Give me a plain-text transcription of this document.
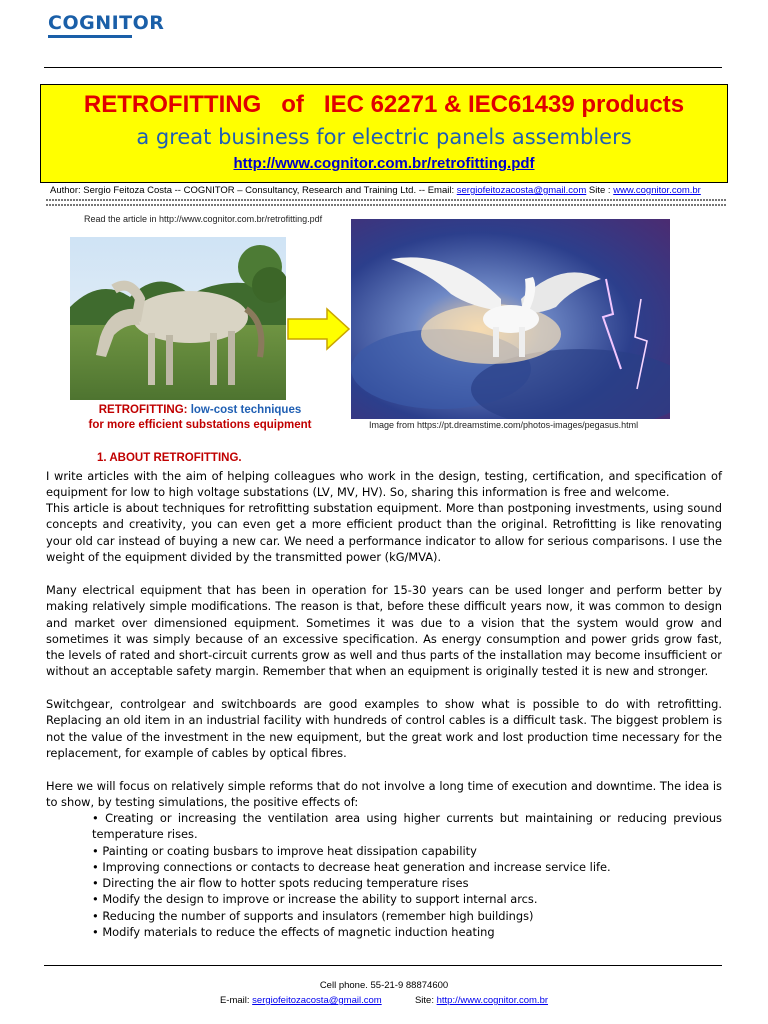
COGNITOR
RETROFITTING   of   IEC 62271 & IEC61439 products
a great business for electric panels assemblers
http://www.cognitor.com.br/retrofitting.pdf
Author: Sergio Feitoza Costa -- COGNITOR – Consultancy, Research and Training Ltd. -- Email: sergiofeitozacosta@gmail.com Site : www.cognitor.com.br
Read the article in http://www.cognitor.com.br/retrofitting.pdf
RETROFITTING: low-cost techniques
for more efficient substations equipment	Image from https://pt.dreamstime.com/photos-images/pegasus.html
1. ABOUT RETROFITTING.
I write articles with the aim of helping colleagues who work in the design, testing, certification, and specification of equipment for low to high voltage substations (LV, MV, HV). So, sharing this information is free and welcome.
This article is about techniques for retrofitting substation equipment. More than postponing investments, using sound concepts and creativity, you can even get a more efficient product than the original. Retrofitting is like renovating your old car instead of buying a new car. We need a performance indicator to allow for serious comparisons. I use the weight of the equipment divided by the transmitted power (kG/MVA).
Many electrical equipment that has been in operation for 15-30 years can be used longer and perform better by making relatively simple modifications. The reason is that, before these difficult years now, it was common to design and market over dimensioned equipment. Sometimes it was due to a vision that the system would grow and sometimes it was simply because of an excessive specification. As energy consumption and power grids grow fast, the levels of rated and short-circuit currents grow as well and thus parts of the installation may become insufficient or without an acceptable safety margin. Remember that when an equipment is originally tested it is new and stronger.
Switchgear, controlgear and switchboards are good examples to show what is possible to do with retrofitting. Replacing an old item in an industrial facility with hundreds of control cables is a difficult task. The biggest problem is not the value of the investment in the new equipment, but the great work and lost production time necessary for the replacement, for example of cables by optical fibres.
Here we will focus on relatively simple reforms that do not involve a long time of execution and downtime. The idea is to show, by testing simulations, the positive effects of:
• Creating or increasing the ventilation area using higher currents but maintaining or reducing previous temperature rises.
• Painting or coating busbars to improve heat dissipation capability
• Improving connections or contacts to decrease heat generation and increase service life.
• Directing the air flow to hotter spots reducing temperature rises
• Modify the design to improve or increase the ability to support internal arcs.
• Reducing the number of supports and insulators (remember high buildings)
• Modify materials to reduce the effects of magnetic induction heating
Cell phone. 55-21-9 88874600
E-mail: sergiofeitozacosta@gmail.com	Site: http://www.cognitor.com.br
